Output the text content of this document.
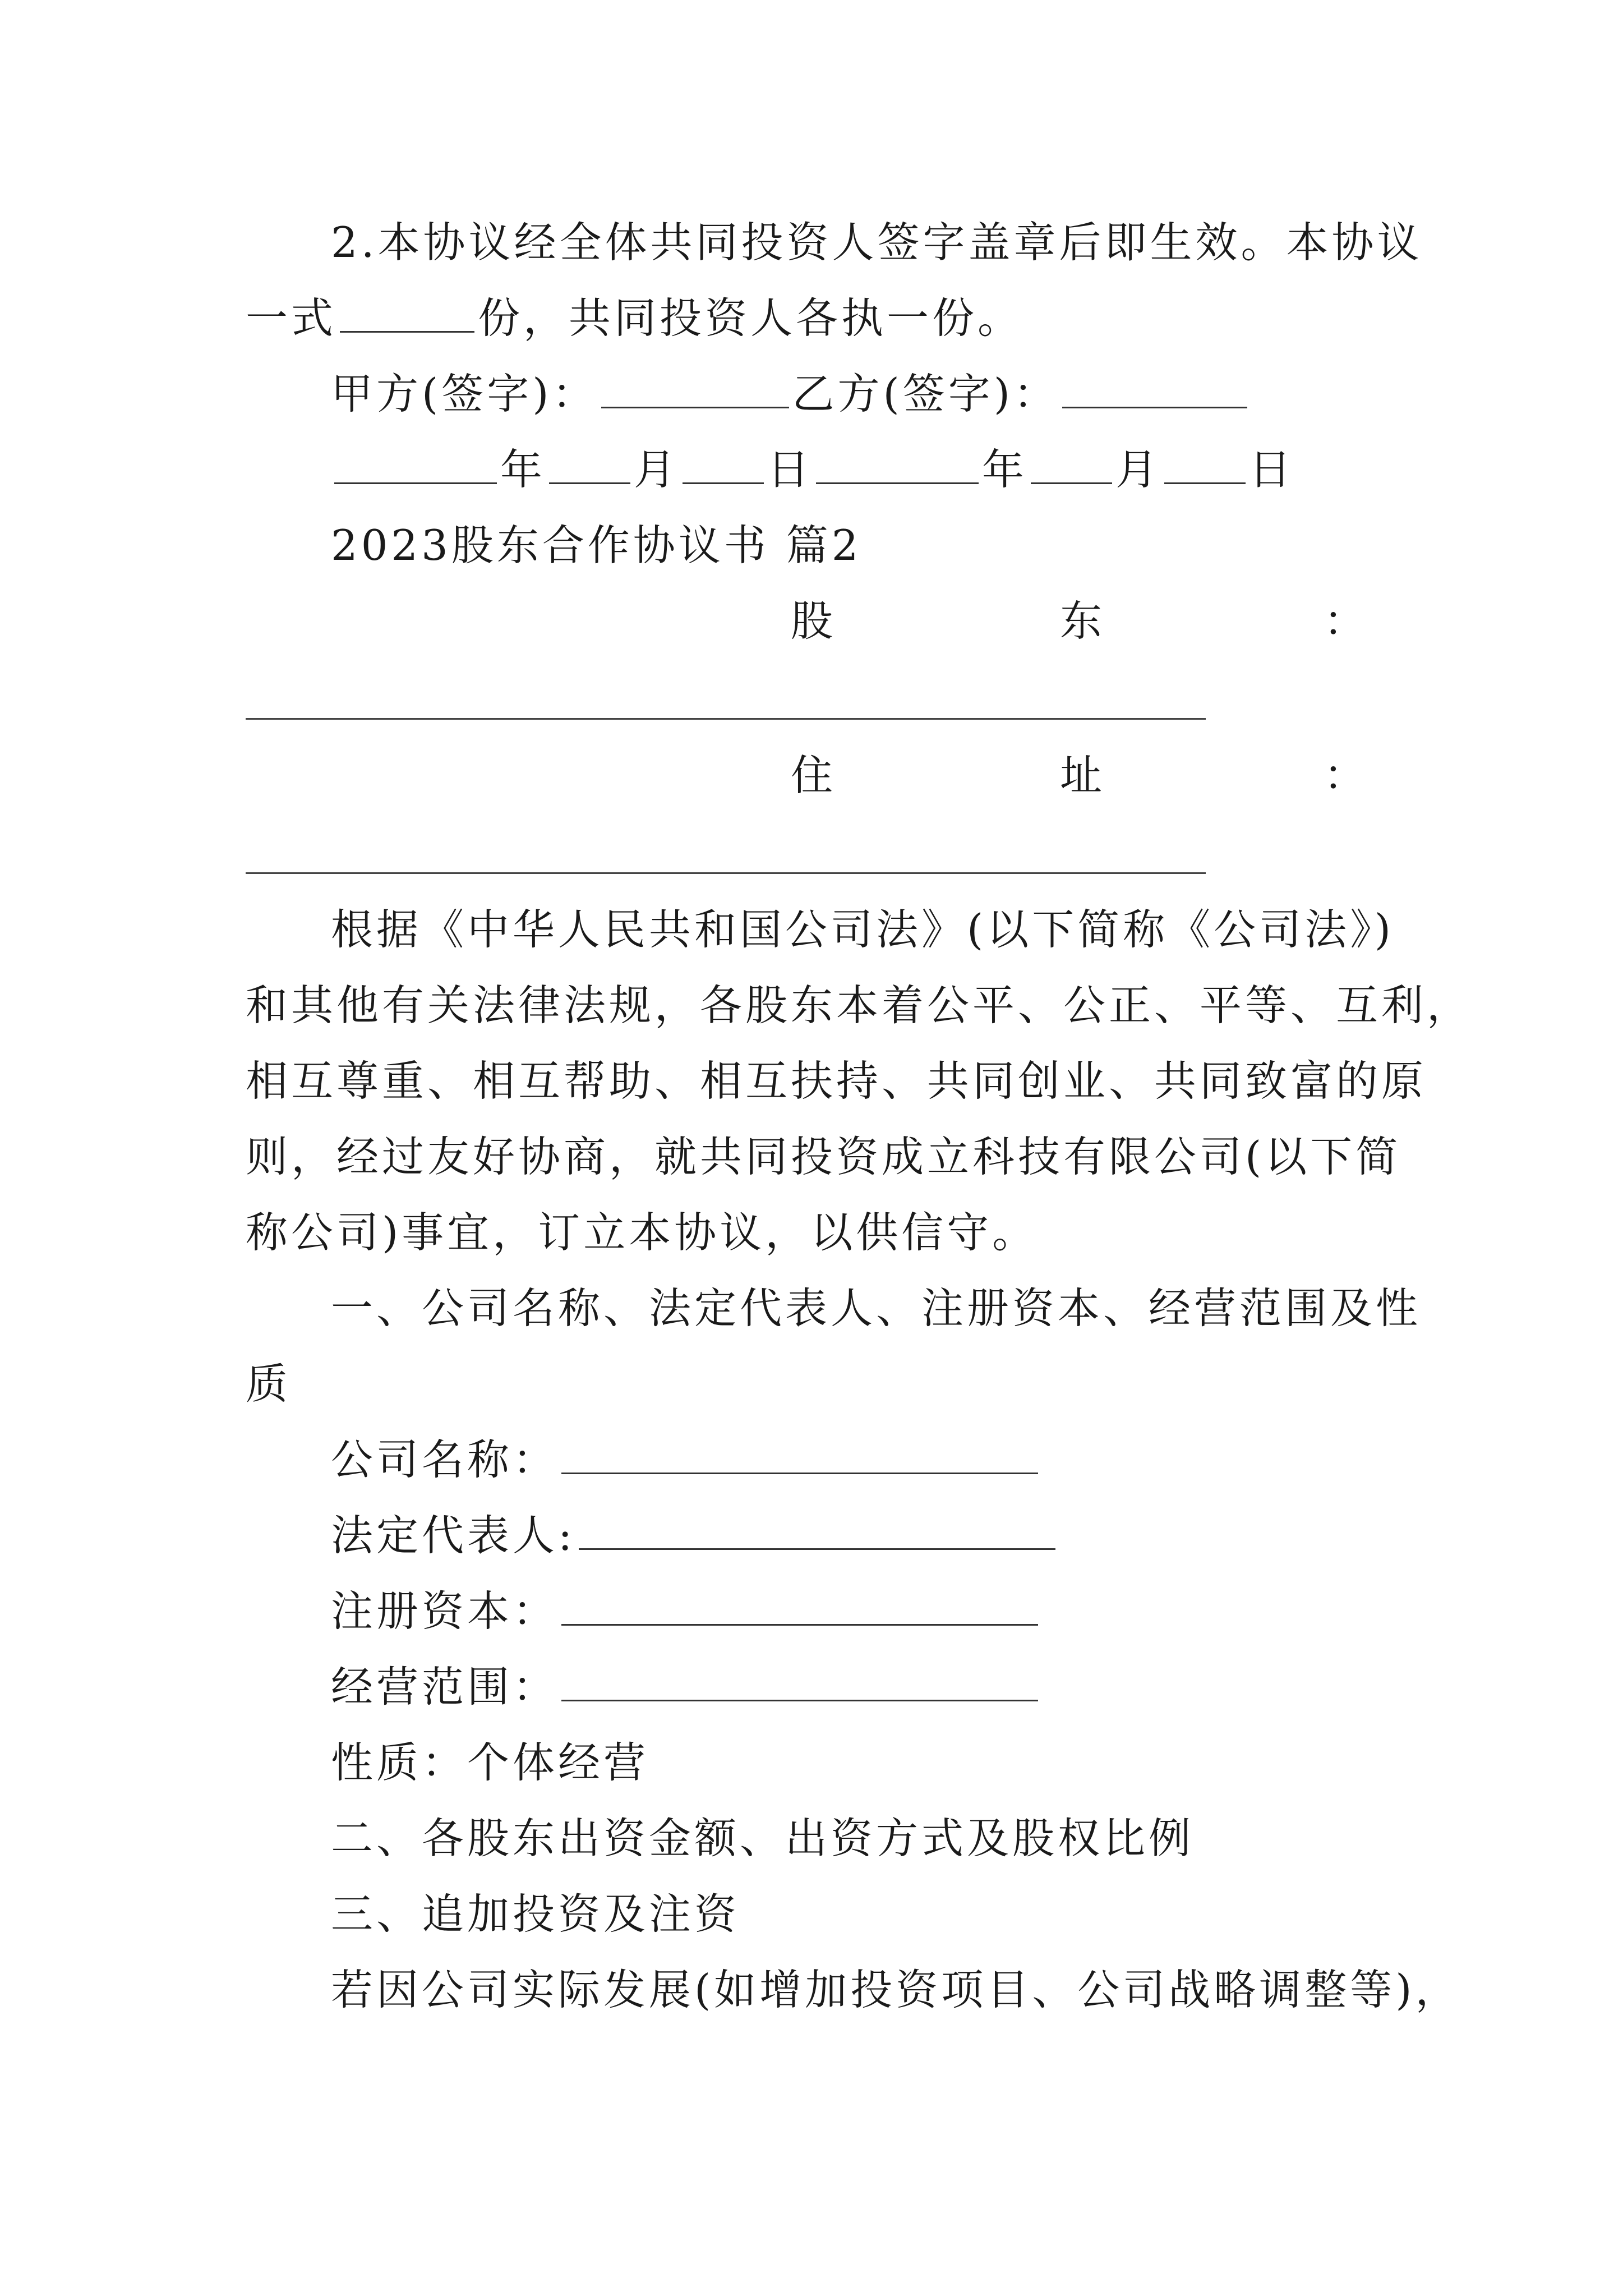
2.本协议经全体共同投资人签字盖章后即生效。本协议
一式	份，共同投资人各执一份。
甲方(签字)：	乙方(签字)：
年 月 日	年 月 日
2023股东合作协议书 篇2
股	东	：
住	址	：
根据《中华人民共和国公司法》(以下简称《公司法》)
和其他有关法律法规，各股东本着公平、公正、平等、互利，
相互尊重、相互帮助、相互扶持、共同创业、共同致富的原
则，经过友好协商，就共同投资成立科技有限公司(以下简
称公司)事宜，订立本协议，以供信守。
一、公司名称、法定代表人、注册资本、经营范围及性
质
公司名称：
法定代表人:
注册资本：
经营范围：
性质：个体经营
二、各股东出资金额、出资方式及股权比例
三、追加投资及注资
若因公司实际发展(如增加投资项目、公司战略调整等)，
